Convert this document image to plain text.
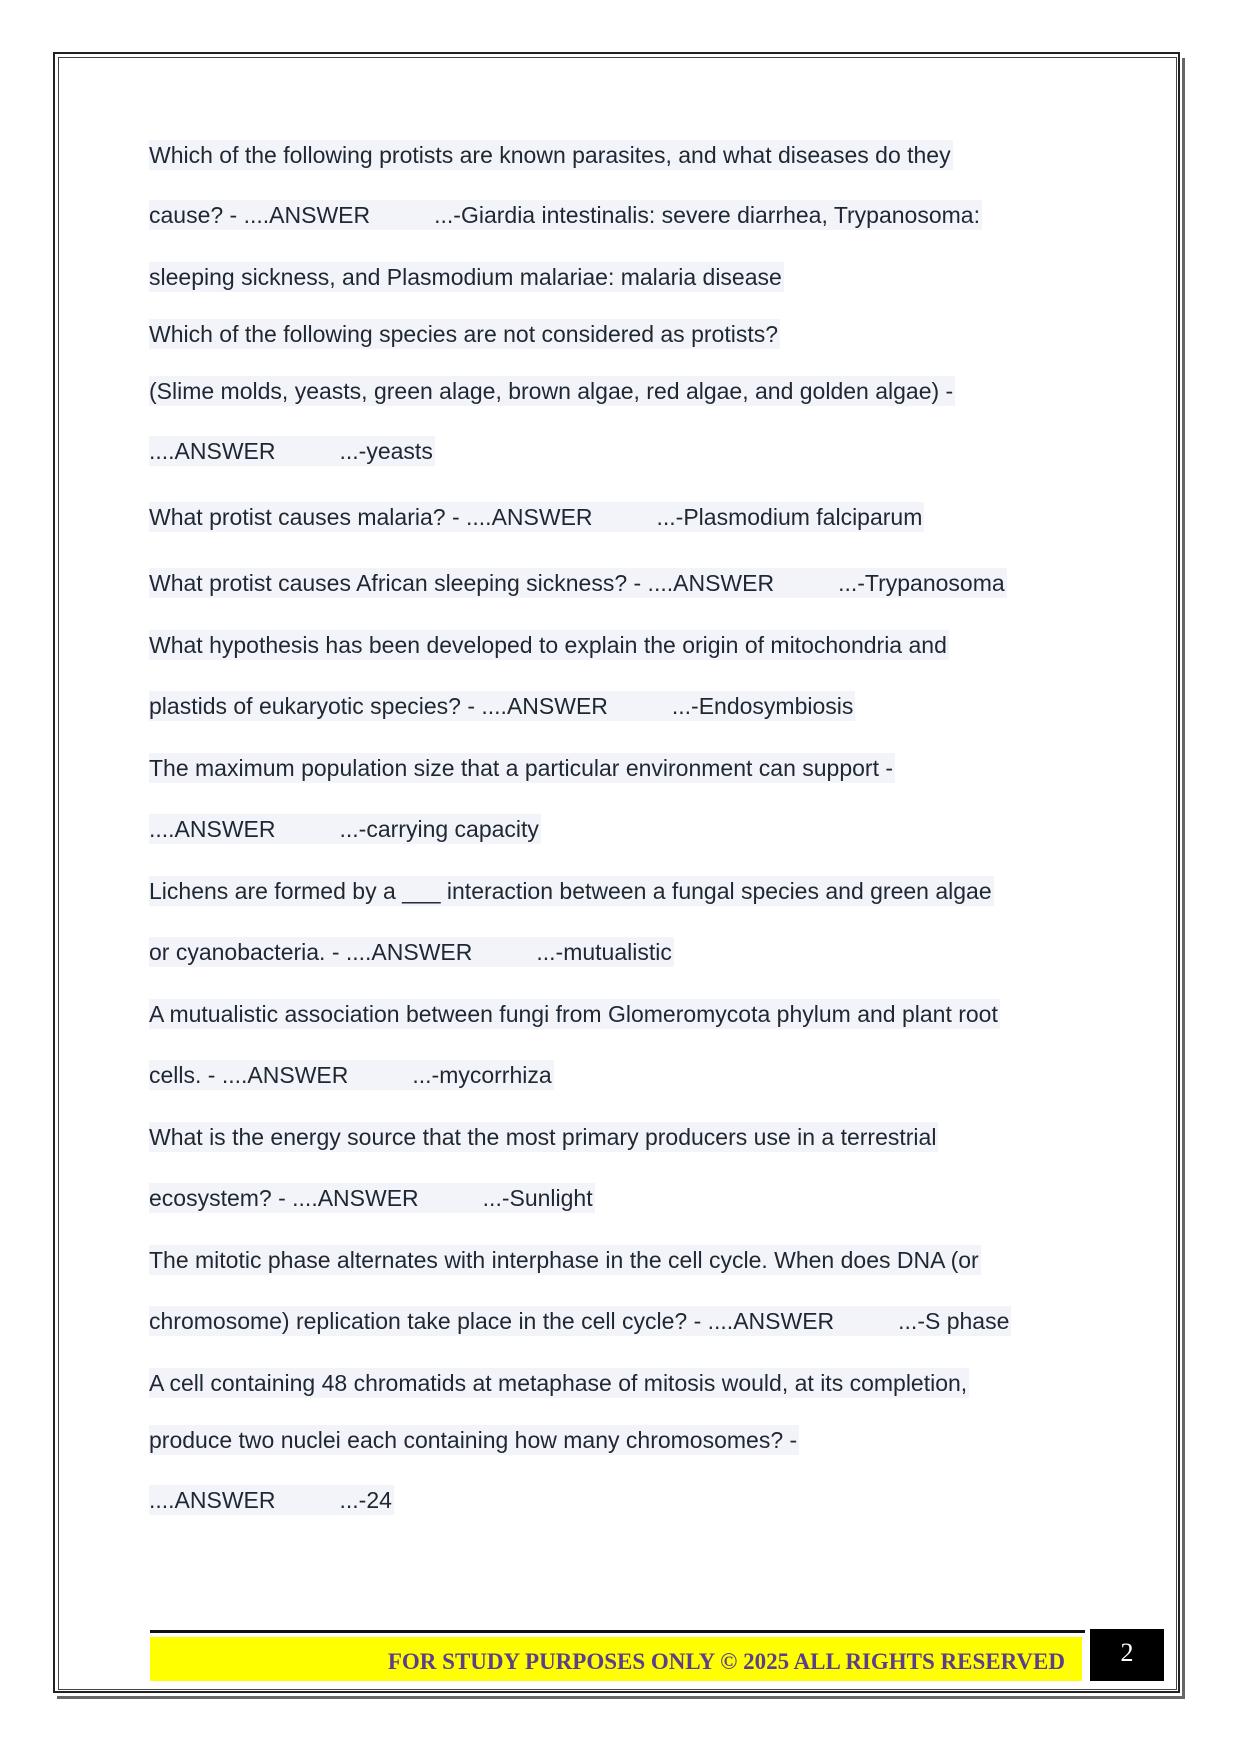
Which of the following protists are known parasites, and what diseases do they
cause? - ....ANSWER	...-Giardia intestinalis: severe diarrhea, Trypanosoma:
sleeping sickness, and Plasmodium malariae: malaria disease
Which of the following species are not considered as protists?
(Slime molds, yeasts, green alage, brown algae, red algae, and golden algae) -
....ANSWER	...-yeasts
What protist causes malaria? - ....ANSWER	...-Plasmodium falciparum
What protist causes African sleeping sickness? - ....ANSWER	...-Trypanosoma
What hypothesis has been developed to explain the origin of mitochondria and
plastids of eukaryotic species? - ....ANSWER	...-Endosymbiosis
The maximum population size that a particular environment can support -
....ANSWER	...-carrying capacity
Lichens are formed by a ___ interaction between a fungal species and green algae
or cyanobacteria. - ....ANSWER	...-mutualistic
A mutualistic association between fungi from Glomeromycota phylum and plant root
cells. - ....ANSWER	...-mycorrhiza
What is the energy source that the most primary producers use in a terrestrial
ecosystem? - ....ANSWER	...-Sunlight
The mitotic phase alternates with interphase in the cell cycle. When does DNA (or
chromosome) replication take place in the cell cycle? - ....ANSWER	...-S phase
A cell containing 48 chromatids at metaphase of mitosis would, at its completion,
produce two nuclei each containing how many chromosomes? -
....ANSWER	...-24
FOR STUDY PURPOSES ONLY © 2025 ALL RIGHTS RESERVED	2
